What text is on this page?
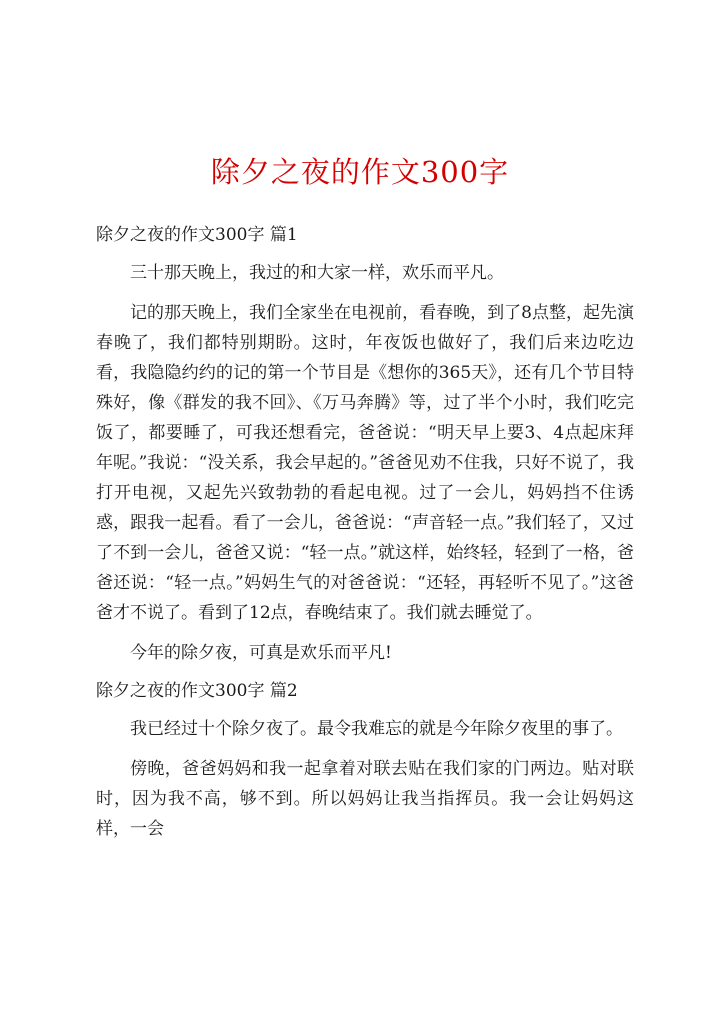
除夕之夜的作文300字
除夕之夜的作文300字 篇1

三十那天晚上，我过的和大家一样，欢乐而平凡。

记的那天晚上，我们全家坐在电视前，看春晚，到了8点整，起先演春晚了，我们都特别期盼。这时，年夜饭也做好了，我们后来边吃边看，我隐隐约约的记的第一个节目是《想你的365天》，还有几个节目特殊好，像《群发的我不回》、《万马奔腾》等，过了半个小时，我们吃完饭了，都要睡了，可我还想看完，爸爸说：“明天早上要3、4点起床拜年呢。”我说：“没关系，我会早起的。”爸爸见劝不住我，只好不说了，我打开电视，又起先兴致勃勃的看起电视。过了一会儿，妈妈挡不住诱惑，跟我一起看。看了一会儿，爸爸说：“声音轻一点。”我们轻了，又过了不到一会儿，爸爸又说：“轻一点。”就这样，始终轻，轻到了一格，爸爸还说：“轻一点。”妈妈生气的对爸爸说：“还轻，再轻听不见了。”这爸爸才不说了。看到了12点，春晚结束了。我们就去睡觉了。

今年的除夕夜，可真是欢乐而平凡!

除夕之夜的作文300字 篇2

我已经过十个除夕夜了。最令我难忘的就是今年除夕夜里的事了。

傍晚，爸爸妈妈和我一起拿着对联去贴在我们家的门两边。贴对联时，因为我不高，够不到。所以妈妈让我当指挥员。我一会让妈妈这样，一会
